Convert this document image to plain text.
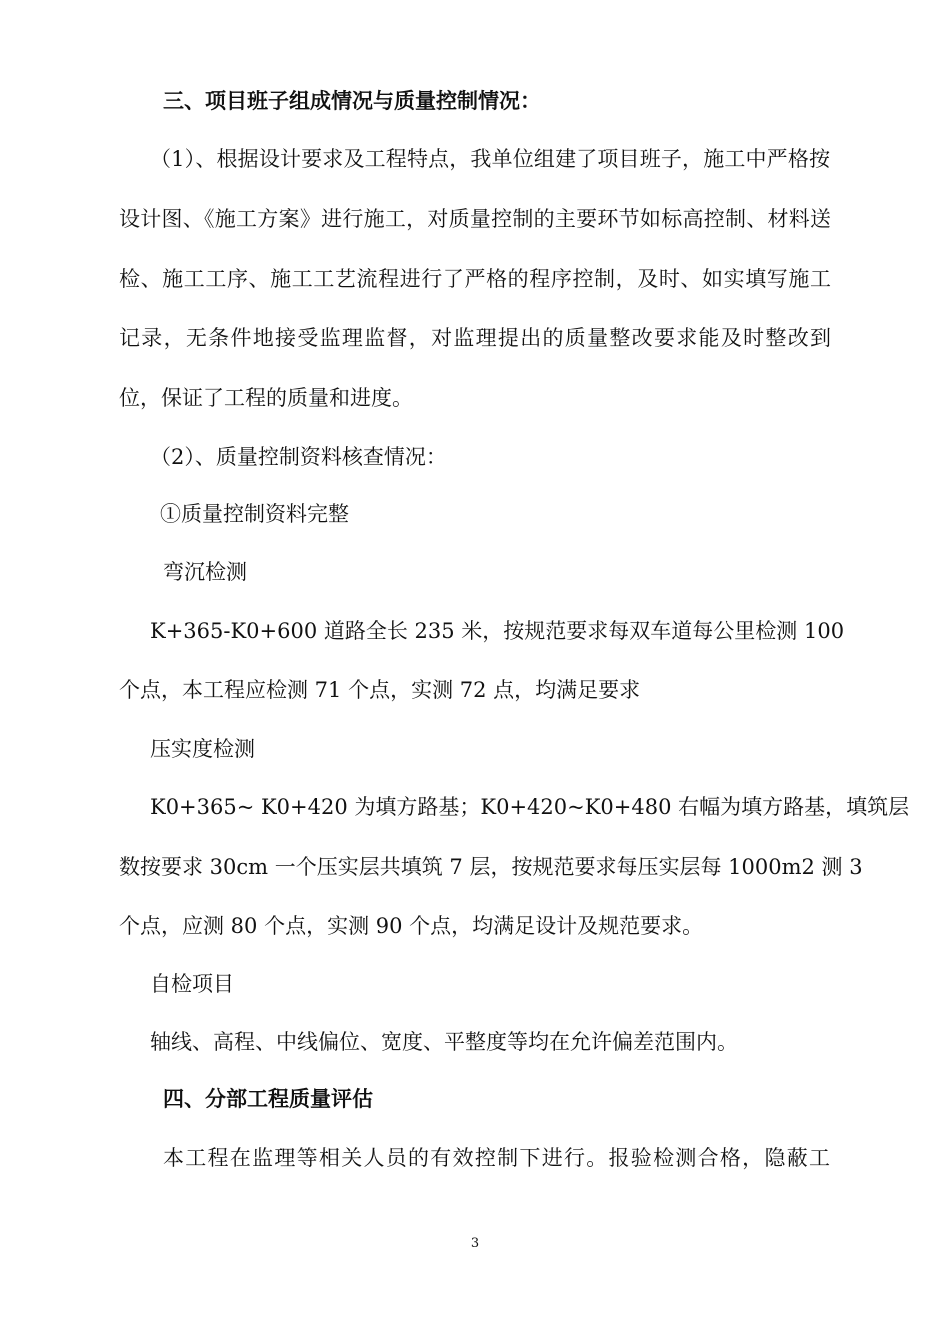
三、项目班子组成情况与质量控制情况：
（1）、根据设计要求及工程特点，我单位组建了项目班子，施工中严格按
设计图、《施工方案》进行施工，对质量控制的主要环节如标高控制、材料送
检、施工工序、施工工艺流程进行了严格的程序控制，及时、如实填写施工
记录，无条件地接受监理监督，对监理提出的质量整改要求能及时整改到
位，保证了工程的质量和进度。
（2）、质量控制资料核查情况：
①质量控制资料完整
弯沉检测
K+365-K0+600 道路全长 235 米，按规范要求每双车道每公里检测 100
个点，本工程应检测 71 个点，实测 72 点，均满足要求
压实度检测
K0+365~ K0+420 为填方路基；K0+420~K0+480 右幅为填方路基，填筑层
数按要求 30cm 一个压实层共填筑 7 层，按规范要求每压实层每 1000m2 测 3
个点，应测 80 个点，实测 90 个点，均满足设计及规范要求。
自检项目
轴线、高程、中线偏位、宽度、平整度等均在允许偏差范围内。
四、分部工程质量评估
本工程在监理等相关人员的有效控制下进行。报验检测合格，隐蔽工
3
